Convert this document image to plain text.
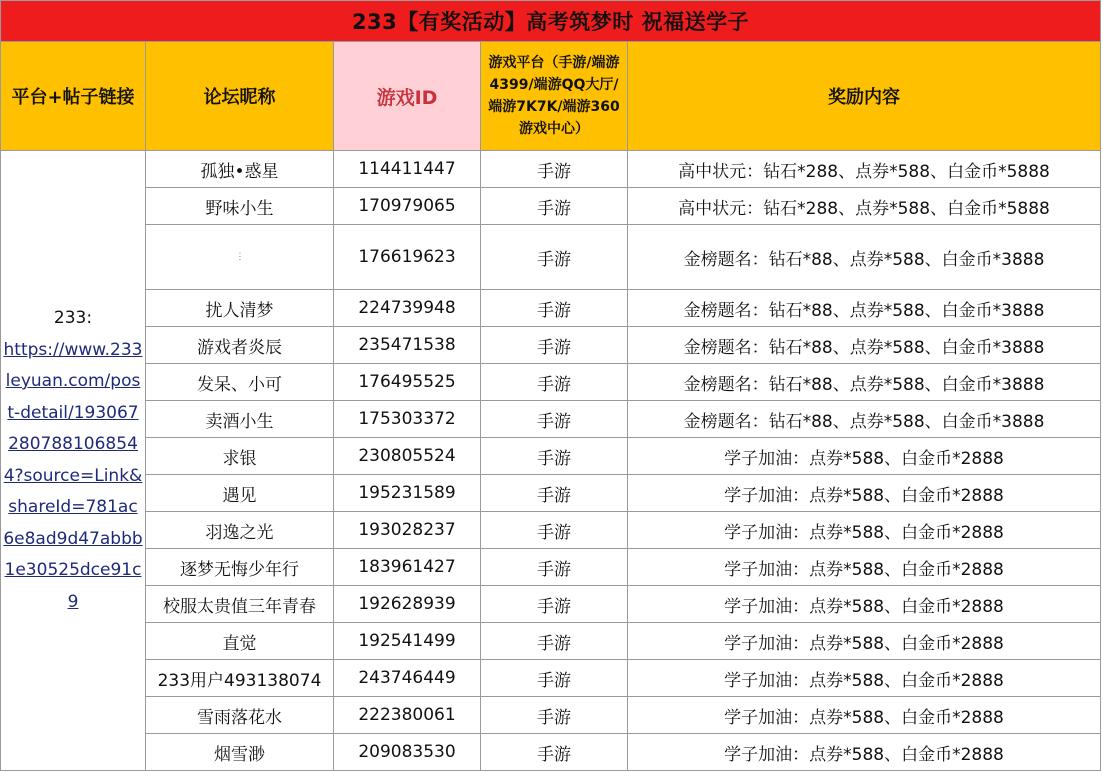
233【有奖活动】高考筑梦时 祝福送学子				
平台+帖子链接	论坛昵称	游戏ID	游戏平台（手游/端游4399/端游QQ大厅/端游7K7K/端游360游戏中心）	奖励内容

233:
https://www.233leyuan.com/post-detail/1930672807881068544?source=Link&shareId=781ac6e8ad9d47abbb1e30525dce91c9	孤独•惑星	114411447	手游	高中状元：钻石*288、点券*588、白金币*5888
	野味小生	170979065	手游	高中状元：钻石*288、点券*588、白金币*5888
	···	176619623	手游	金榜题名：钻石*88、点券*588、白金币*3888
	扰人清梦	224739948	手游	金榜题名：钻石*88、点券*588、白金币*3888
	游戏者炎辰	235471538	手游	金榜题名：钻石*88、点券*588、白金币*3888
	发呆、小可	176495525	手游	金榜题名：钻石*88、点券*588、白金币*3888
	卖酒小生	175303372	手游	金榜题名：钻石*88、点券*588、白金币*3888
	求银	230805524	手游	学子加油：点券*588、白金币*2888
	遇见	195231589	手游	学子加油：点券*588、白金币*2888
	羽逸之光	193028237	手游	学子加油：点券*588、白金币*2888
	逐梦无悔少年行	183961427	手游	学子加油：点券*588、白金币*2888
	校服太贵值三年青春	192628939	手游	学子加油：点券*588、白金币*2888
	直觉	192541499	手游	学子加油：点券*588、白金币*2888
	233用户493138074	243746449	手游	学子加油：点券*588、白金币*2888
	雪雨落花水	222380061	手游	学子加油：点券*588、白金币*2888
	烟雪渺	209083530	手游	学子加油：点券*588、白金币*2888
